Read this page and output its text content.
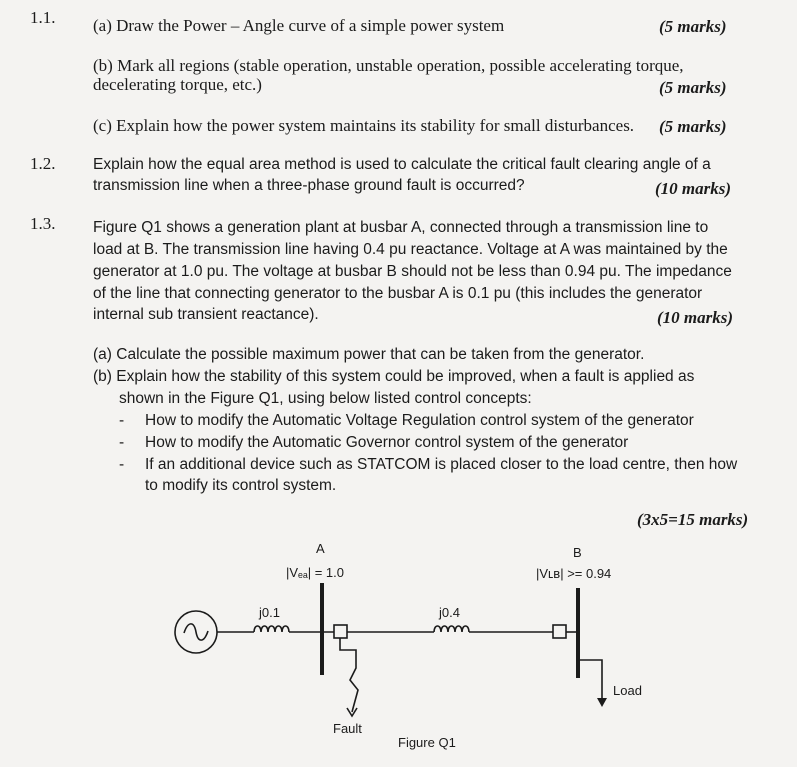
1.1. (a) Draw the Power – Angle curve of a simple power system	(5 marks)
(b) Mark all regions (stable operation, unstable operation, possible accelerating torque,
decelerating torque, etc.)	(5 marks)
(c) Explain how the power system maintains its stability for small disturbances. (5 marks)
1.2. Explain how the equal area method is used to calculate the critical fault clearing angle of a
transmission line when a three-phase ground fault is occurred?	(10 marks)
1.3. Figure Q1 shows a generation plant at busbar A, connected through a transmission line to
load at B. The transmission line having 0.4 pu reactance. Voltage at A was maintained by the
generator at 1.0 pu. The voltage at busbar B should not be less than 0.94 pu. The impedance
of the line that connecting generator to the busbar A is 0.1 pu (this includes the generator
internal sub transient reactance).	(10 marks)
(a) Calculate the possible maximum power that can be taken from the generator.
(b) Explain how the stability of this system could be improved, when a fault is applied as
shown in the Figure Q1, using below listed control concepts:
- How to modify the Automatic Voltage Regulation control system of the generator
- How to modify the Automatic Governor control system of the generator
- If an additional device such as STATCOM is placed closer to the load centre, then how
to modify its control system.
(3x5=15 marks)
A	B
|Vₑₐ| = 1.0	|Vʟʙ| >= 0.94
j0.1	j0.4
Fault
Load
Figure Q1
